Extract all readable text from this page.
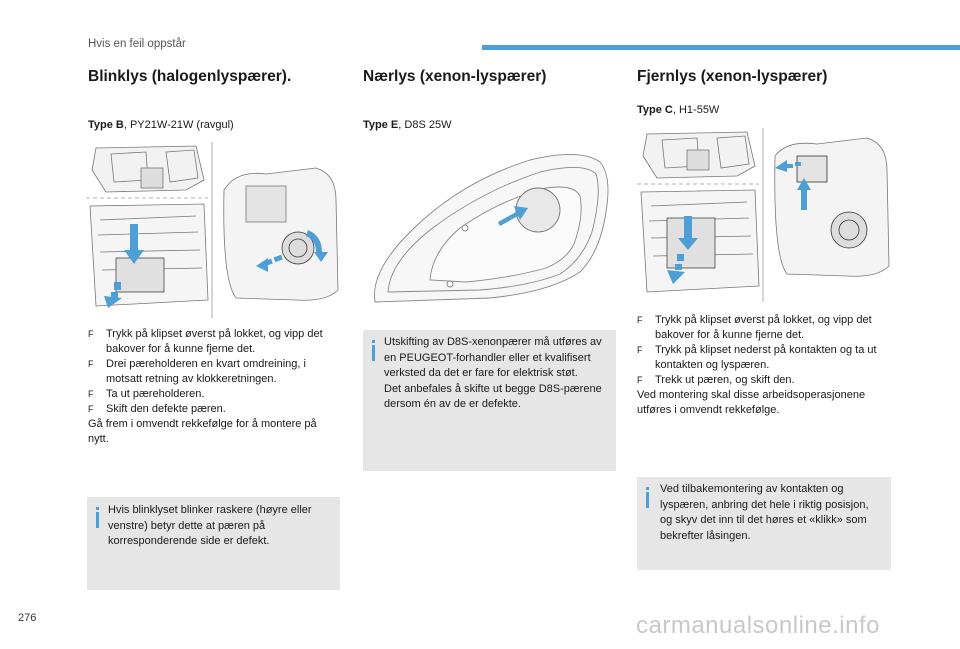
Hvis en feil oppstår
Blinklys (halogenlyspærer).
Type B, PY21W-21W (ravgul)
F Trykk på klipset øverst på lokket, og vipp det bakover for å kunne fjerne det.
F Drei pæreholderen en kvart omdreining, i motsatt retning av klokkeretningen.
F Ta ut pæreholderen.
F Skift den defekte pæren.
Gå frem i omvendt rekkefølge for å montere på nytt.
Hvis blinklyset blinker raskere (høyre eller venstre) betyr dette at pæren på korresponderende side er defekt.
Nærlys (xenon-lyspærer)
Type E, D8S 25W
Utskifting av D8S-xenonpærer må utføres av en PEUGEOT-forhandler eller et kvalifisert verksted da det er fare for elektrisk støt.
Det anbefales å skifte ut begge D8S-pærene dersom én av de er defekte.
Fjernlys (xenon-lyspærer)
Type C, H1-55W
F Trykk på klipset øverst på lokket, og vipp det bakover for å kunne fjerne det.
F Trykk på klipset nederst på kontakten og ta ut kontakten og lyspæren.
F Trekk ut pæren, og skift den.
Ved montering skal disse arbeidsoperasjonene utføres i omvendt rekkefølge.
Ved tilbakemontering av kontakten og lyspæren, anbring det hele i riktig posisjon, og skyv det inn til det høres et «klikk» som bekrefter låsingen.
276	carmanualsonline.info
